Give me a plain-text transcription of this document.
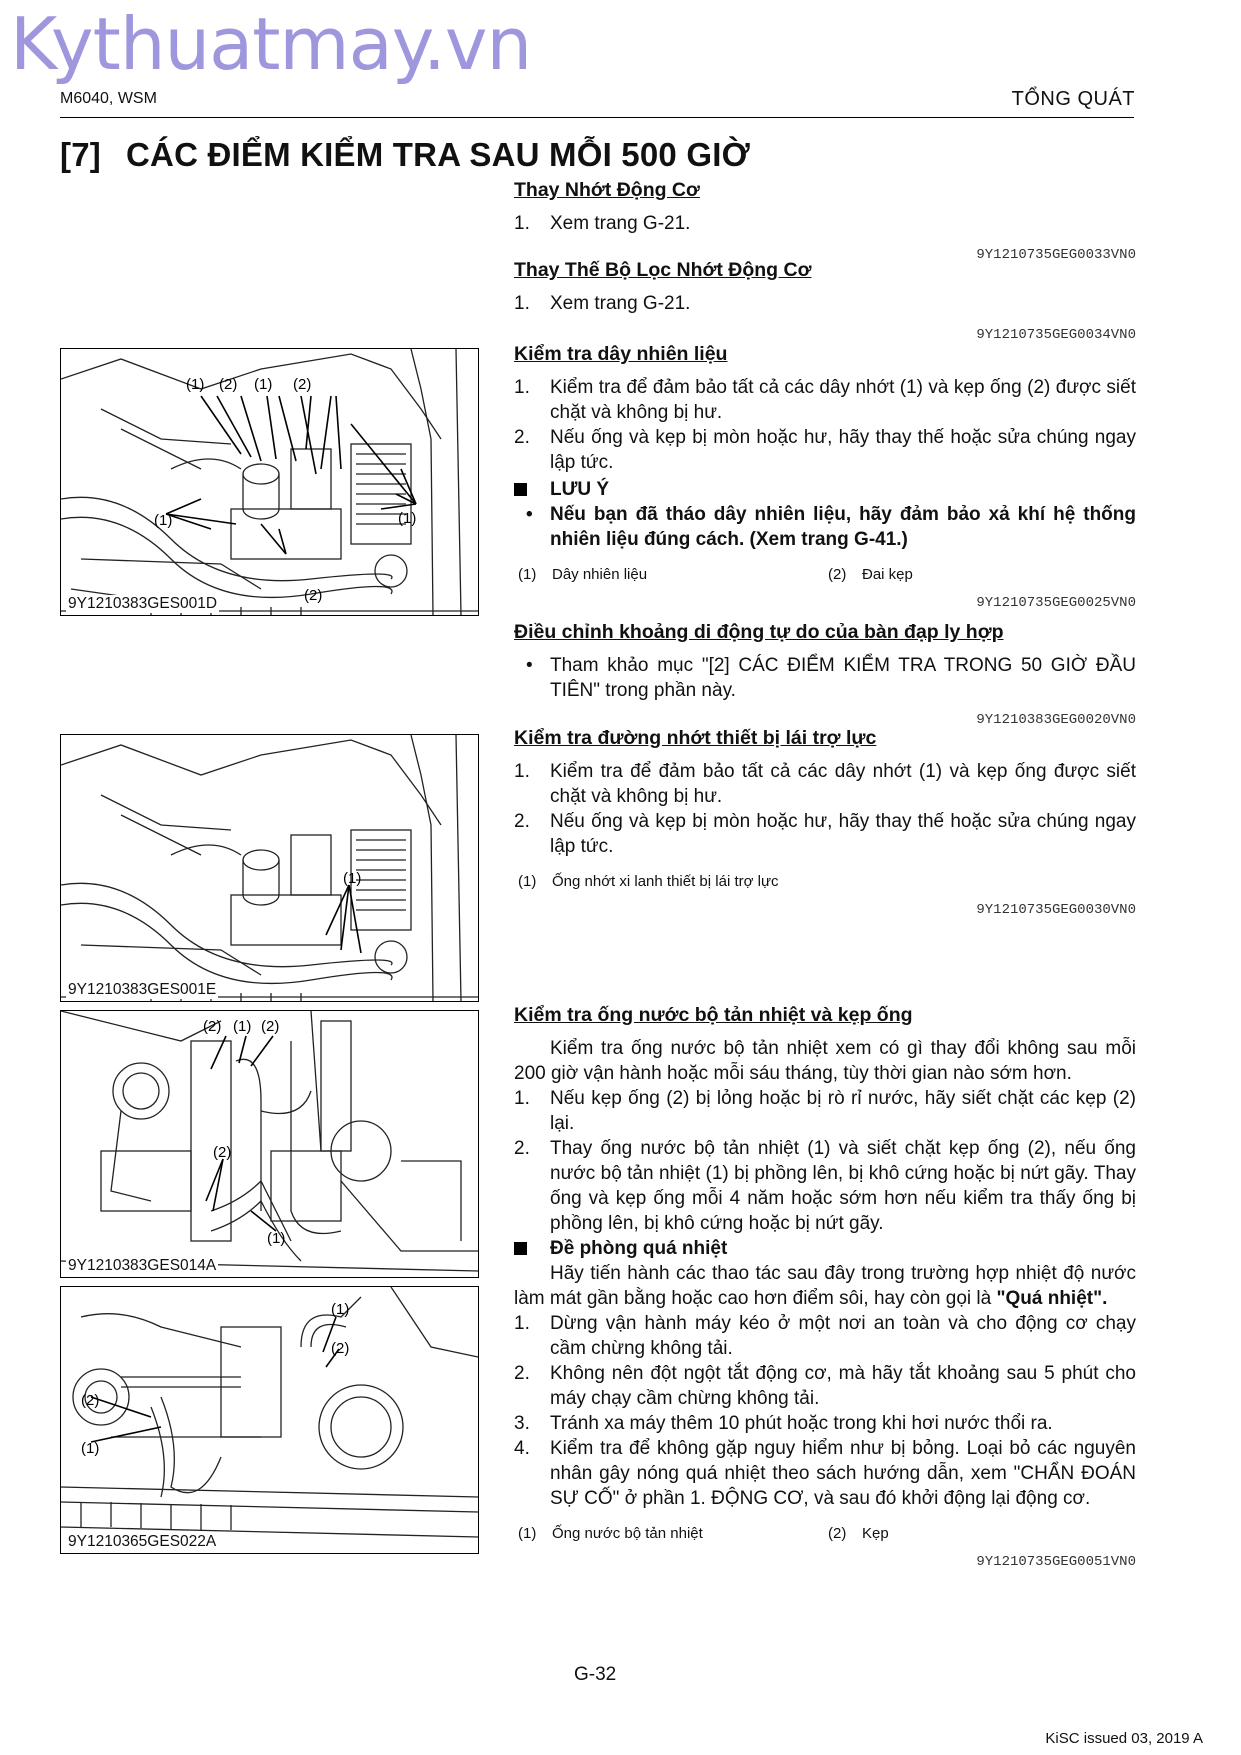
Kythuatmay.vn
M6040, WSM	TỔNG QUÁT
[7] CÁC ĐIỂM KIỂM TRA SAU MỖI 500 GIỜ
(1) (2) (1) (2)
(1)
(1)
(2)
9Y1210383GES001D
(1)
9Y1210383GES001E
(2) (1) (2)
(2)
(1)
9Y1210383GES014A
(1)
(2)
(2)
(1)
9Y1210365GES022A

Thay Nhớt Động Cơ

1. Xem trang G-21.
9Y1210735GEG0033VN0

Thay Thế Bộ Lọc Nhớt Động Cơ

1. Xem trang G-21.
9Y1210735GEG0034VN0

Kiểm tra dây nhiên liệu

1. Kiểm tra để đảm bảo tất cả các dây nhớt (1) và kẹp ống (2) được siết chặt và không bị hư.
2. Nếu ống và kẹp bị mòn hoặc hư, hãy thay thế hoặc sửa chúng ngay lập tức.
LƯU Ý
• Nếu bạn đã tháo dây nhiên liệu, hãy đảm bảo xả khí hệ thống nhiên liệu đúng cách. (Xem trang G-41.)
(1) Dây nhiên liệu	(2) Đai kẹp
9Y1210735GEG0025VN0

Điều chỉnh khoảng di động tự do của bàn đạp ly hợp

• Tham khảo mục "[2] CÁC ĐIỂM KIỂM TRA TRONG 50 GIỜ ĐẦU TIÊN" trong phần này.
9Y1210383GEG0020VN0

Kiểm tra đường nhớt thiết bị lái trợ lực

1. Kiểm tra để đảm bảo tất cả các dây nhớt (1) và kẹp ống được siết chặt và không bị hư.
2. Nếu ống và kẹp bị mòn hoặc hư, hãy thay thế hoặc sửa chúng ngay lập tức.
(1) Ống nhớt xi lanh thiết bị lái trợ lực
9Y1210735GEG0030VN0

Kiểm tra ống nước bộ tản nhiệt và kẹp ống

Kiểm tra ống nước bộ tản nhiệt xem có gì thay đổi không sau mỗi 200 giờ vận hành hoặc mỗi sáu tháng, tùy thời gian nào sớm hơn.
1. Nếu kẹp ống (2) bị lỏng hoặc bị rò rỉ nước, hãy siết chặt các kẹp (2) lại.
2. Thay ống nước bộ tản nhiệt (1) và siết chặt kẹp ống (2), nếu ống nước bộ tản nhiệt (1) bị phồng lên, bị khô cứng hoặc bị nứt gãy. Thay ống và kẹp ống mỗi 4 năm hoặc sớm hơn nếu kiểm tra thấy ống bị phồng lên, bị khô cứng hoặc bị nứt gãy.
Đề phòng quá nhiệt
Hãy tiến hành các thao tác sau đây trong trường hợp nhiệt độ nước làm mát gần bằng hoặc cao hơn điểm sôi, hay còn gọi là "Quá nhiệt".
1. Dừng vận hành máy kéo ở một nơi an toàn và cho động cơ chạy cầm chừng không tải.
2. Không nên đột ngột tắt động cơ, mà hãy tắt khoảng sau 5 phút cho máy chạy cầm chừng không tải.
3. Tránh xa máy thêm 10 phút hoặc trong khi hơi nước thổi ra.
4. Kiểm tra để không gặp nguy hiểm như bị bỏng. Loại bỏ các nguyên nhân gây nóng quá nhiệt theo sách hướng dẫn, xem "CHẨN ĐOÁN SỰ CỐ" ở phần 1. ĐỘNG CƠ, và sau đó khởi động lại động cơ.
(1) Ống nước bộ tản nhiệt	(2) Kẹp
9Y1210735GEG0051VN0
G-32
KiSC issued 03, 2019 A
